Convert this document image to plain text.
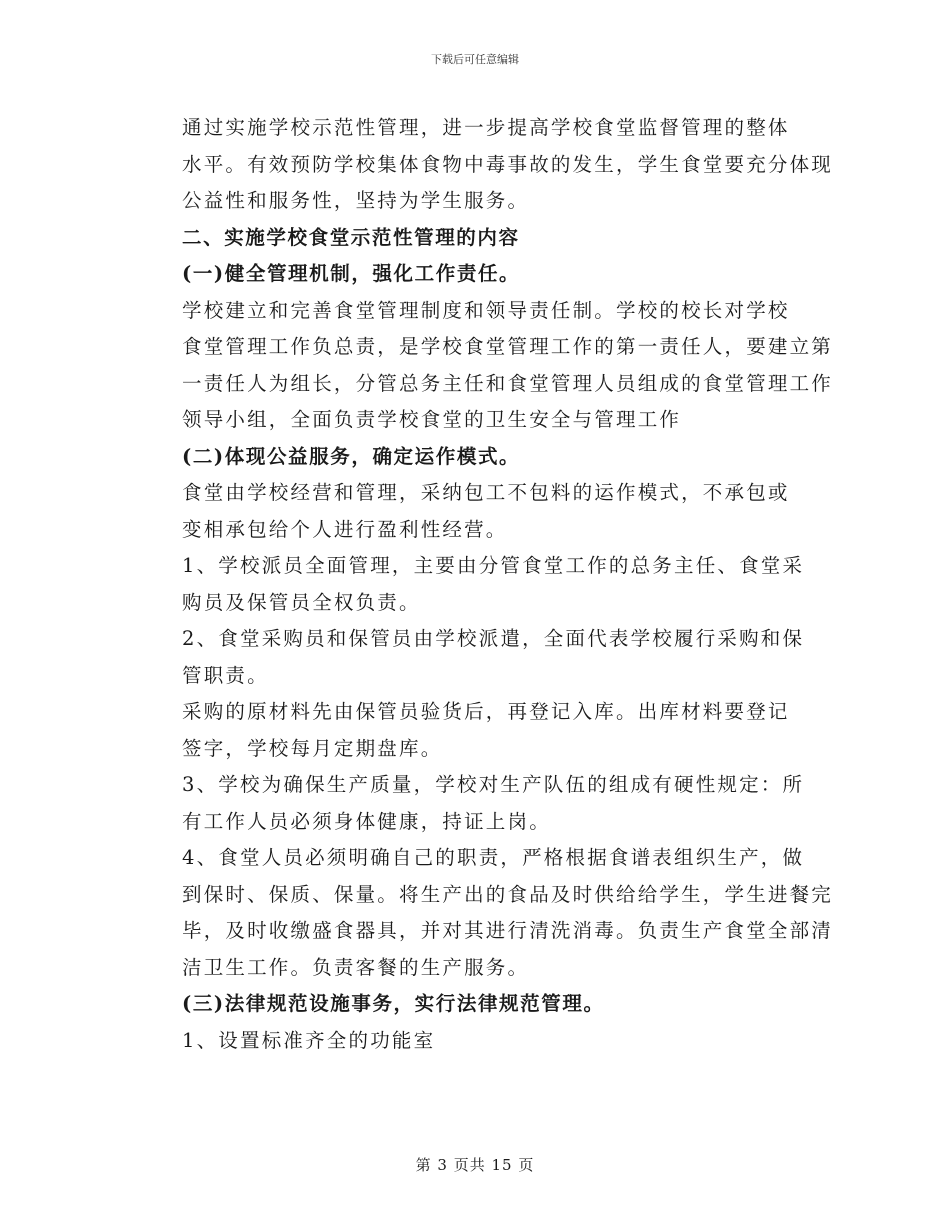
下载后可任意编辑
通过实施学校示范性管理，进一步提高学校食堂监督管理的整体
水平。有效预防学校集体食物中毒事故的发生，学生食堂要充分体现
公益性和服务性，坚持为学生服务。
二、实施学校食堂示范性管理的内容
(一)健全管理机制，强化工作责任。
学校建立和完善食堂管理制度和领导责任制。学校的校长对学校
食堂管理工作负总责，是学校食堂管理工作的第一责任人，要建立第
一责任人为组长，分管总务主任和食堂管理人员组成的食堂管理工作
领导小组，全面负责学校食堂的卫生安全与管理工作
(二)体现公益服务，确定运作模式。
食堂由学校经营和管理，采纳包工不包料的运作模式，不承包或
变相承包给个人进行盈利性经营。
1、学校派员全面管理，主要由分管食堂工作的总务主任、食堂采
购员及保管员全权负责。
2、食堂采购员和保管员由学校派遣，全面代表学校履行采购和保
管职责。
采购的原材料先由保管员验货后，再登记入库。出库材料要登记
签字，学校每月定期盘库。
3、学校为确保生产质量，学校对生产队伍的组成有硬性规定：所
有工作人员必须身体健康，持证上岗。
4、食堂人员必须明确自己的职责，严格根据食谱表组织生产，做
到保时、保质、保量。将生产出的食品及时供给给学生，学生进餐完
毕，及时收缴盛食器具，并对其进行清洗消毒。负责生产食堂全部清
洁卫生工作。负责客餐的生产服务。
(三)法律规范设施事务，实行法律规范管理。
1、设置标准齐全的功能室
第 3 页共 15 页
